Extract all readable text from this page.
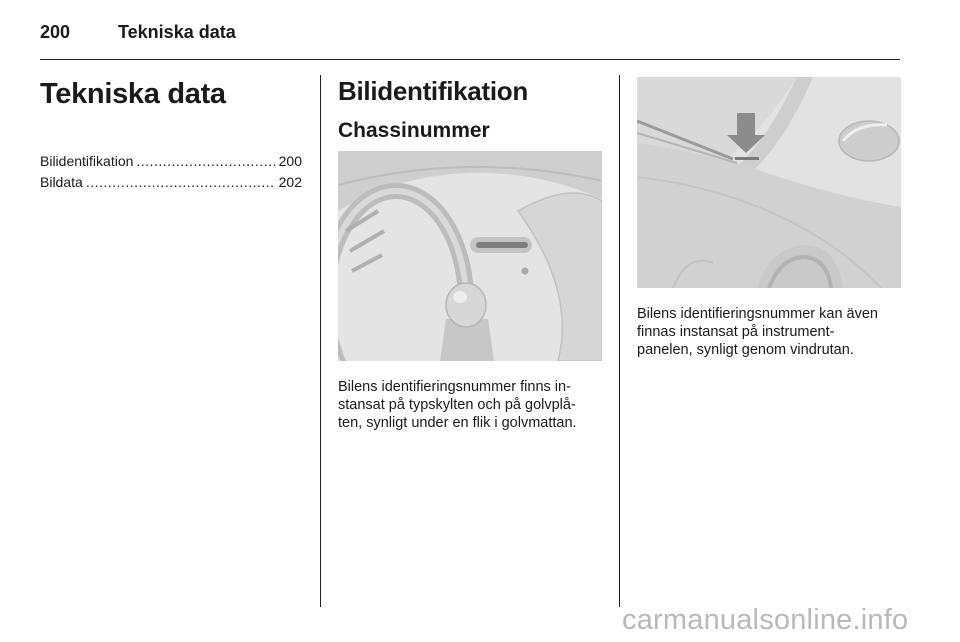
200	Tekniska data
Tekniska data
Bilidentifikation .....	200
Bildata .....	202
Bilidentifikation
Chassinummer

Bilens identifieringsnummer finns in-
stansat på typskylten och på golvplå-
ten, synligt under en flik i golvmattan.

Bilens identifieringsnummer kan även
finnas instansat på instrument-
panelen, synligt genom vindrutan.

carmanualsonline.info
